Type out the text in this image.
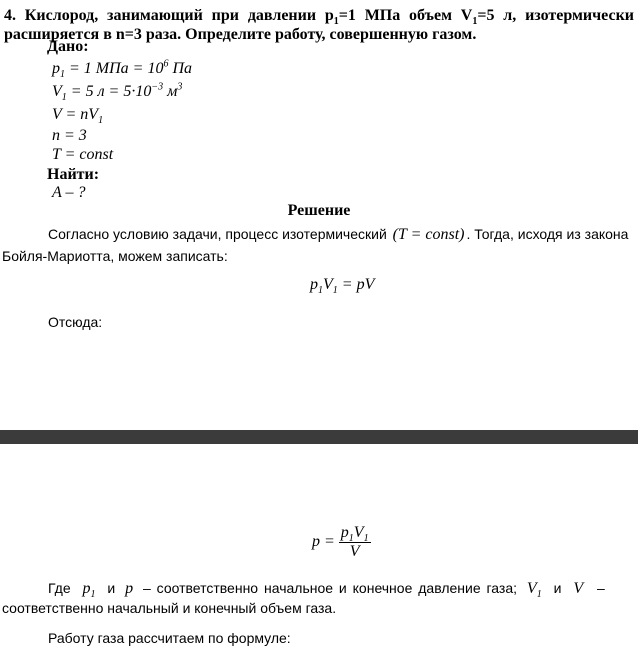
4. Кислород, занимающий при давлении $p_1=1$ МПа объем $V_1=5$ л, изотермически расширяется в n=3 раза. Определите работу, совершенную газом.

Дано:
$p_1 = 1$ МПа = $10^6$ Па
$V_1 = 5$ $л = 5\cdot 10^{-3}$ $м^3$
$V = nV_1$
n = 3
T = const
Найти:
A – ?
Решение
Согласно условию задачи, процесс изотермический (T = const) . Тогда, исходя из закона
Бойля-Мариотта, можем записать:
$p_1V_1$ = pV
Отсюда:
$p = \frac{p_1V_1}{V}$
Где $p_1$ и p – соответственно начальное и конечное давление газа; $V_1$ и V –
соответственно начальный и конечный объем газа.
Работу газа рассчитаем по формуле:
